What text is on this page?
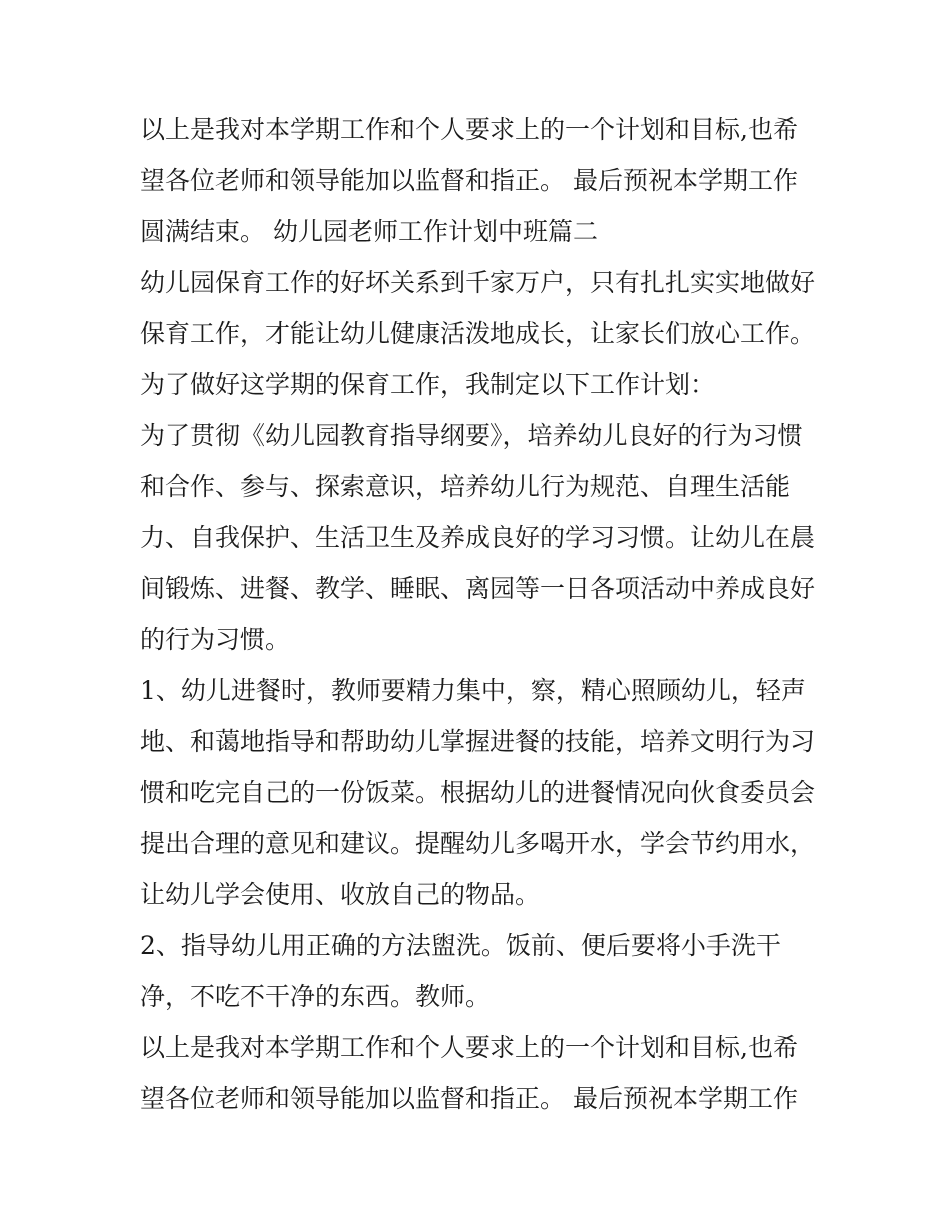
以上是我对本学期工作和个人要求上的一个计划和目标,也希

望各位老师和领导能加以监督和指正。 最后预祝本学期工作

圆满结束。 幼儿园老师工作计划中班篇二

幼儿园保育工作的好坏关系到千家万户，只有扎扎实实地做好

保育工作，才能让幼儿健康活泼地成长，让家长们放心工作。

为了做好这学期的保育工作，我制定以下工作计划：

为了贯彻《幼儿园教育指导纲要》，培养幼儿良好的行为习惯

和合作、参与、探索意识，培养幼儿行为规范、自理生活能

力、自我保护、生活卫生及养成良好的学习习惯。让幼儿在晨

间锻炼、进餐、教学、睡眠、离园等一日各项活动中养成良好

的行为习惯。

1、幼儿进餐时，教师要精力集中，察，精心照顾幼儿，轻声

地、和蔼地指导和帮助幼儿掌握进餐的技能，培养文明行为习

惯和吃完自己的一份饭菜。根据幼儿的进餐情况向伙食委员会

提出合理的意见和建议。提醒幼儿多喝开水，学会节约用水，

让幼儿学会使用、收放自己的物品。

2、指导幼儿用正确的方法盥洗。饭前、便后要将小手洗干

净，不吃不干净的东西。教师。

以上是我对本学期工作和个人要求上的一个计划和目标,也希

望各位老师和领导能加以监督和指正。 最后预祝本学期工作
